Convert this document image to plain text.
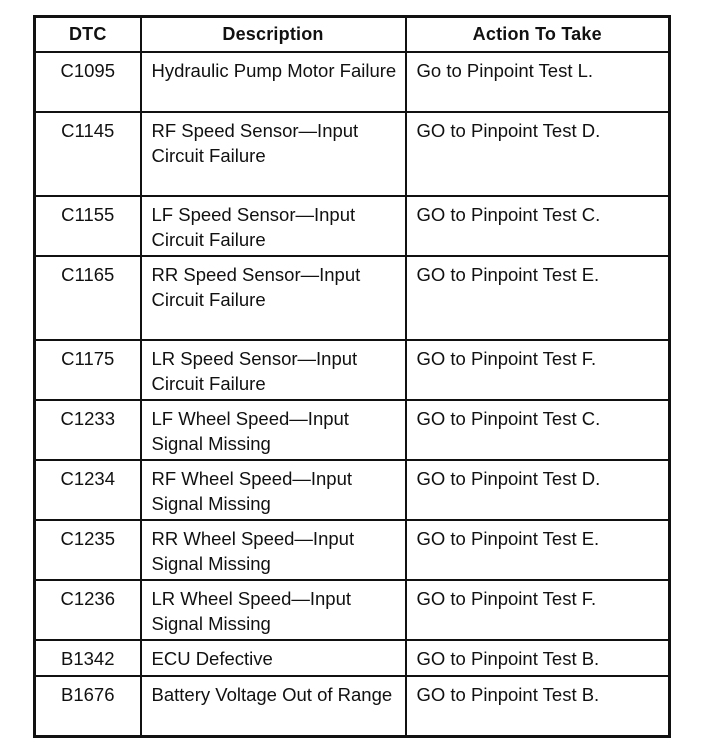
DTC	Description	Action To Take
C1095	Hydraulic Pump Motor Failure	Go to Pinpoint Test L.
C1145	RF Speed Sensor—Input Circuit Failure	GO to Pinpoint Test D.
C1155	LF Speed Sensor—Input Circuit Failure	GO to Pinpoint Test C.
C1165	RR Speed Sensor—Input Circuit Failure	GO to Pinpoint Test E.
C1175	LR Speed Sensor—Input Circuit Failure	GO to Pinpoint Test F.
C1233	LF Wheel Speed—Input Signal Missing	GO to Pinpoint Test C.
C1234	RF Wheel Speed—Input Signal Missing	GO to Pinpoint Test D.
C1235	RR Wheel Speed—Input Signal Missing	GO to Pinpoint Test E.
C1236	LR Wheel Speed—Input Signal Missing	GO to Pinpoint Test F.
B1342	ECU Defective	GO to Pinpoint Test B.
B1676	Battery Voltage Out of Range	GO to Pinpoint Test B.
